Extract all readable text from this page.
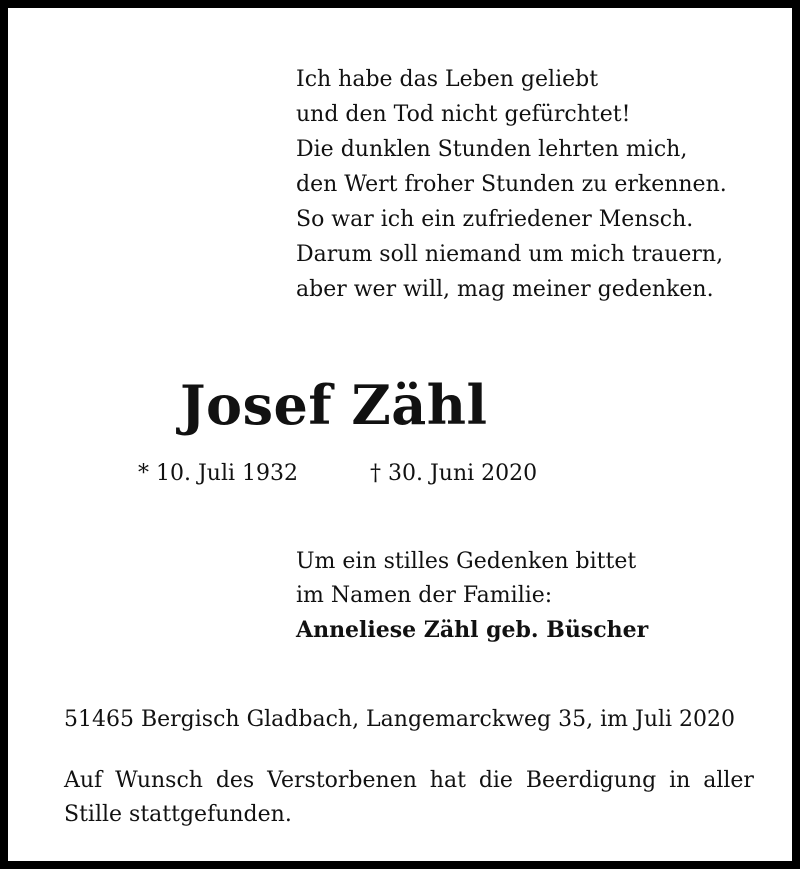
Ich habe das Leben geliebt
und den Tod nicht gefürchtet!
Die dunklen Stunden lehrten mich,
den Wert froher Stunden zu erkennen.
So war ich ein zufriedener Mensch.
Darum soll niemand um mich trauern,
aber wer will, mag meiner gedenken.
Josef Zähl
* 10. Juli 1932	† 30. Juni 2020
Um ein stilles Gedenken bittet
im Namen der Familie:
Anneliese Zähl geb. Büscher
51465 Bergisch Gladbach, Langemarckweg 35, im Juli 2020
Auf Wunsch des Verstorbenen hat die Beerdigung in aller
Stille stattgefunden.
